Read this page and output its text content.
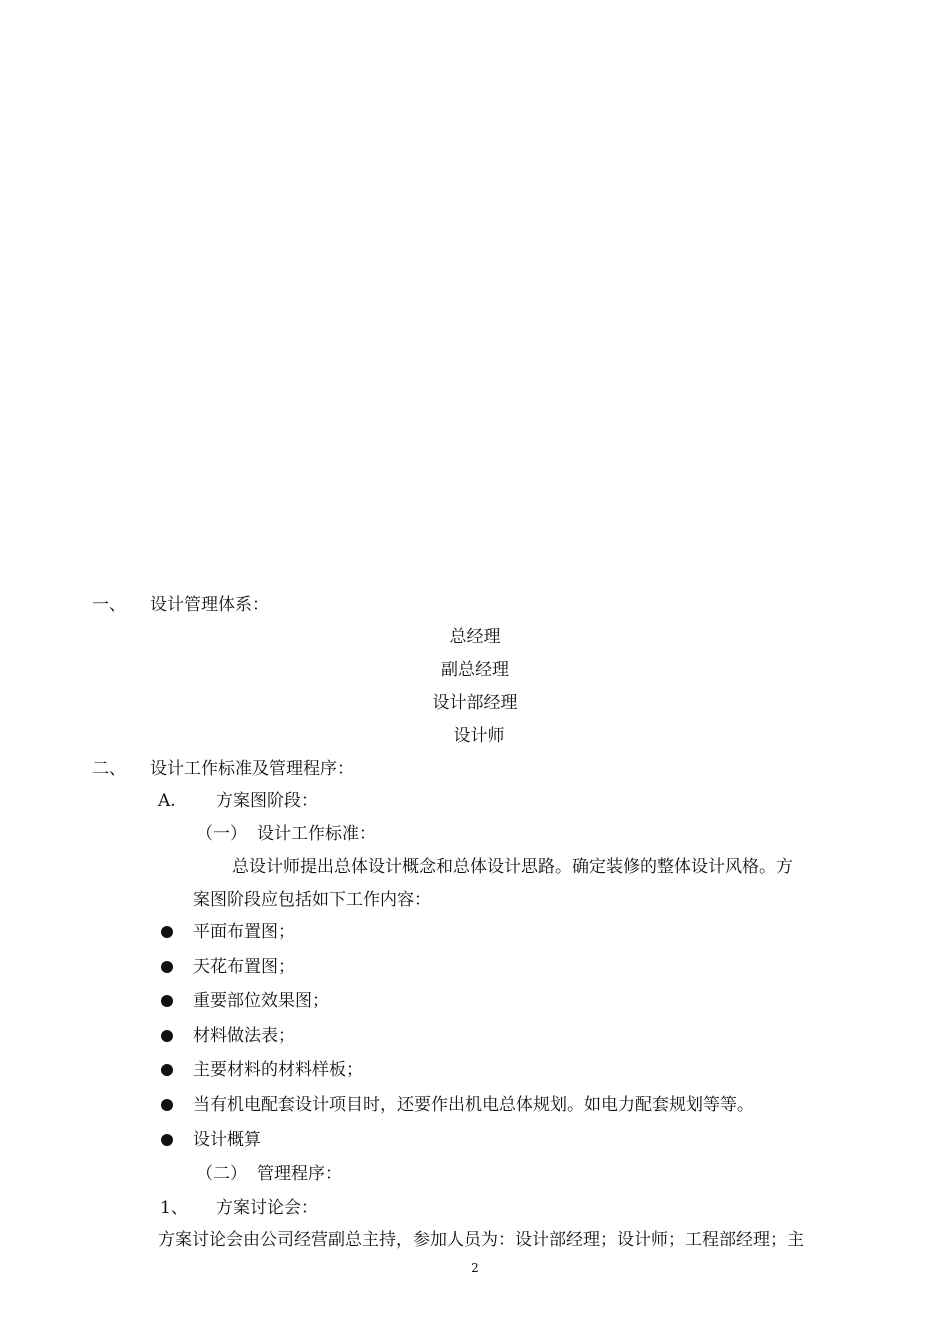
一、 设计管理体系：
总经理
副总经理
设计部经理
设计师
二、 设计工作标准及管理程序：
A. 方案图阶段：
（一） 设计工作标准：
总设计师提出总体设计概念和总体设计思路。确定装修的整体设计风格。方
案图阶段应包括如下工作内容：
平面布置图；
天花布置图；
重要部位效果图；
材料做法表；
主要材料的材料样板；
当有机电配套设计项目时，还要作出机电总体规划。如电力配套规划等等。
设计概算
（二） 管理程序：
1、 方案讨论会：
方案讨论会由公司经营副总主持，参加人员为：设计部经理；设计师；工程部经理；主
2
